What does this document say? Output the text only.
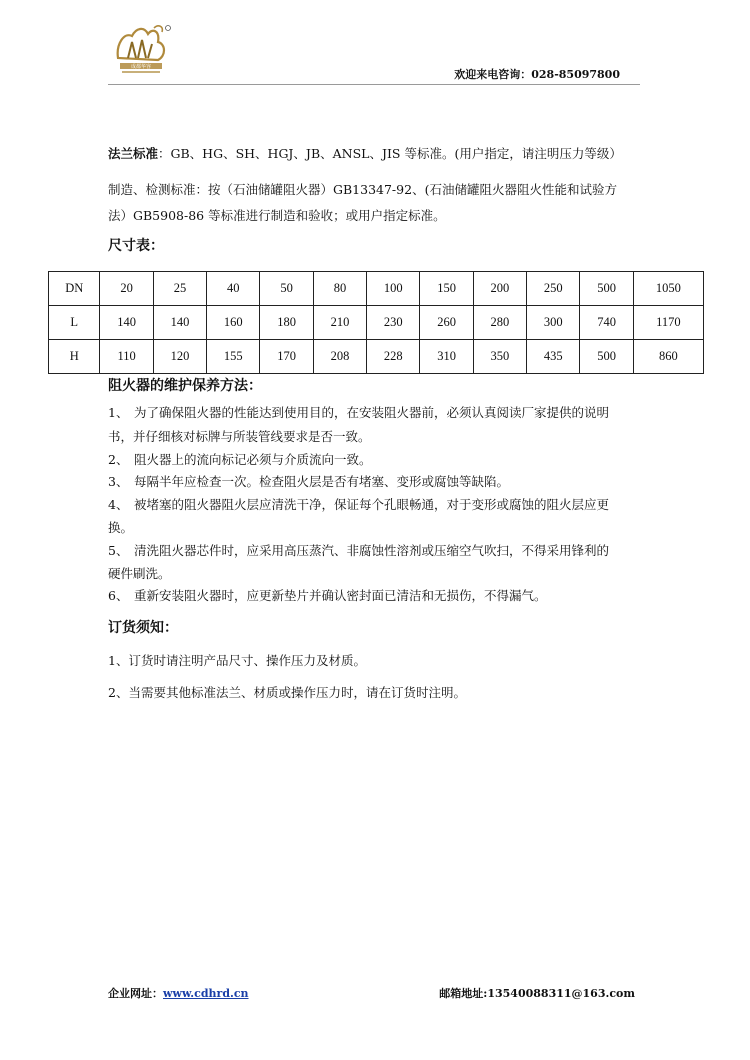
成都华容
欢迎来电咨询：028-85097800
法兰标准：GB、HG、SH、HGJ、JB、ANSL、JIS 等标准。(用户指定，请注明压力等级）
制造、检测标准：按（石油储罐阻火器）GB13347-92、(石油储罐阻火器阻火性能和试验方
法）GB5908-86 等标准进行制造和验收；或用户指定标准。
尺寸表：
DN	20	25	40	50	80	100	150	200	250	500	1050
L	140	140	160	180	210	230	260	280	300	740	1170
H	110	120	155	170	208	228	310	350	435	500	860
阻火器的维护保养方法：
1、 为了确保阻火器的性能达到使用目的，在安装阻火器前，必须认真阅读厂家提供的说明
书，并仔细核对标牌与所装管线要求是否一致。
2、 阻火器上的流向标记必须与介质流向一致。
3、 每隔半年应检查一次。检查阻火层是否有堵塞、变形或腐蚀等缺陷。
4、 被堵塞的阻火器阻火层应清洗干净，保证每个孔眼畅通，对于变形或腐蚀的阻火层应更
换。
5、 清洗阻火器芯件时，应采用高压蒸汽、非腐蚀性溶剂或压缩空气吹扫，不得采用锋利的
硬件刷洗。
6、 重新安装阻火器时，应更新垫片并确认密封面已清洁和无损伤，不得漏气。
订货须知：
1、订货时请注明产品尺寸、操作压力及材质。
2、当需要其他标准法兰、材质或操作压力时，请在订货时注明。
企业网址：www.cdhrd.cn	邮箱地址:13540088311@163.com
